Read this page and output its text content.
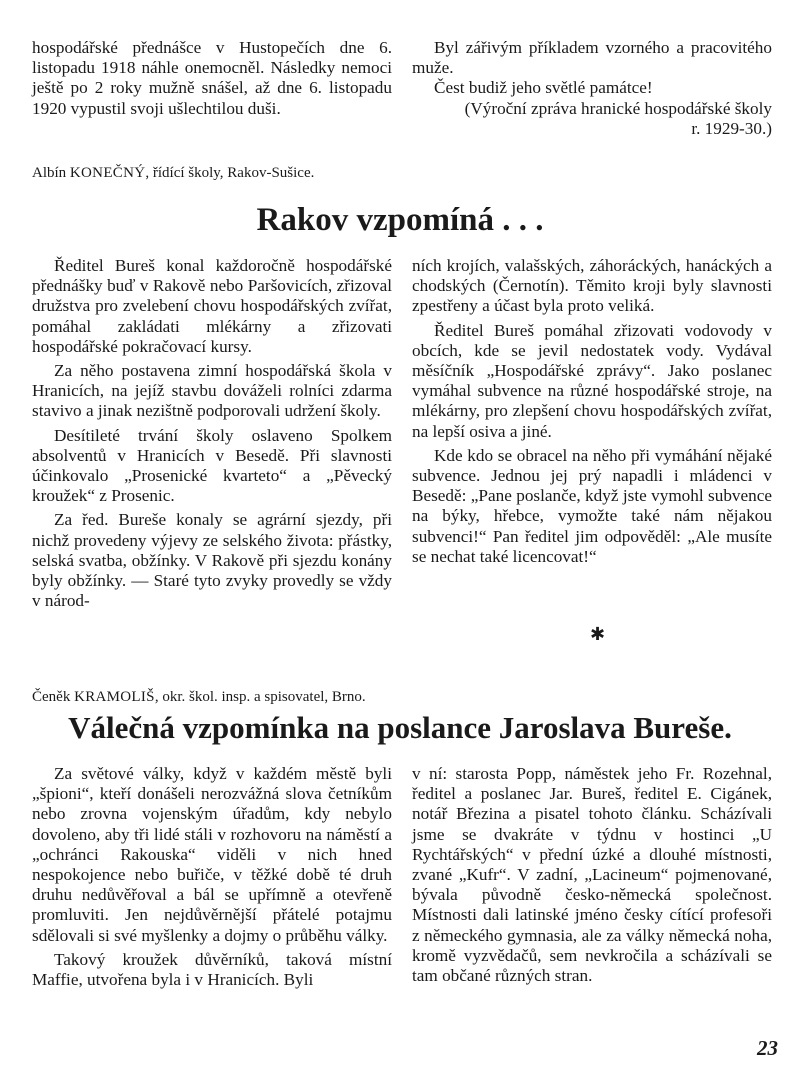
hospodářské přednášce v Hustopečích dne 6. listopadu 1918 náhle onemocněl. Následky nemoci ještě po 2 roky mužně snášel, až dne 6. listopadu 1920 vypustil svoji ušlechtilou duši.

Byl zářivým příkladem vzorného a pracovitého muže.

Čest budiž jeho světlé památce!

(Výroční zpráva hranické hospodářské školy r. 1929-30.)

Albín KONEČNÝ, řídící školy, Rakov-Sušice.
Rakov vzpomíná . . .

Ředitel Bureš konal každoročně hospodářské přednášky buď v Rakově nebo Paršovicích, zřizoval družstva pro zvelebení chovu hospodářských zvířat, pomáhal zakládati mlékárny a zřizovati hospodářské pokračovací kursy.

Za něho postavena zimní hospodářská škola v Hranicích, na jejíž stavbu dováželi rolníci zdarma stavivo a jinak nezištně podporovali udržení školy.

Desítileté trvání školy oslaveno Spolkem absolventů v Hranicích v Besedě. Při slavnosti účinkovalo „Prosenické kvarteto“ a „Pěvecký kroužek“ z Prosenic.

Za řed. Bureše konaly se agrární sjezdy, při nichž provedeny výjevy ze selského života: přástky, selská svatba, obžínky. V Rakově při sjezdu konány byly obžínky. — Staré tyto zvyky provedly se vždy v národ-

ních krojích, valašských, záhoráckých, hanáckých a chodských (Černotín). Těmito kroji byly slavnosti zpestřeny a účast byla proto veliká.

Ředitel Bureš pomáhal zřizovati vodovody v obcích, kde se jevil nedostatek vody. Vydával měsíčník „Hospodářské zprávy“. Jako poslanec vymáhal subvence na různé hospodářské stroje, na mlékárny, pro zlepšení chovu hospodářských zvířat, na lepší osiva a jiné.

Kde kdo se obracel na něho při vymáhání nějaké subvence. Jednou jej prý napadli i mládenci v Besedě: „Pane poslanče, když jste vymohl subvence na býky, hřebce, vymožte také nám nějakou subvenci!“ Pan ředitel jim odpověděl: „Ale musíte se nechat také licencovat!“

✱
Čeněk KRAMOLIŠ, okr. škol. insp. a spisovatel, Brno.
Válečná vzpomínka na poslance Jaroslava Bureše.

Za světové války, když v každém městě byli „špioni“, kteří donášeli nerozvážná slova četníkům nebo zrovna vojenským úřadům, kdy nebylo dovoleno, aby tři lidé stáli v rozhovoru na náměstí a „ochránci Rakouska“ viděli v nich hned nespokojence nebo buřiče, v těžké době té druh druhu nedůvěřoval a bál se upřímně a otevřeně promluviti. Jen nejdůvěrnější přátelé potajmu sdělovali si své myšlenky a dojmy o průběhu války.

Takový kroužek důvěrníků, taková místní Maffie, utvořena byla i v Hranicích. Byli

v ní: starosta Popp, náměstek jeho Fr. Rozehnal, ředitel a poslanec Jar. Bureš, ředitel E. Cigánek, notář Březina a pisatel tohoto článku. Scházívali jsme se dvakráte v týdnu v hostinci „U Rychtářských“ v přední úzké a dlouhé místnosti, zvané „Kufr“. V zadní, „Lacineum“ pojmenované, bývala původně česko-německá společnost. Místnosti dali latinské jméno česky cítící profesoři z německého gymnasia, ale za války německá noha, kromě vyzvědačů, sem nevkročila a scházívali se tam občané různých stran.

23
